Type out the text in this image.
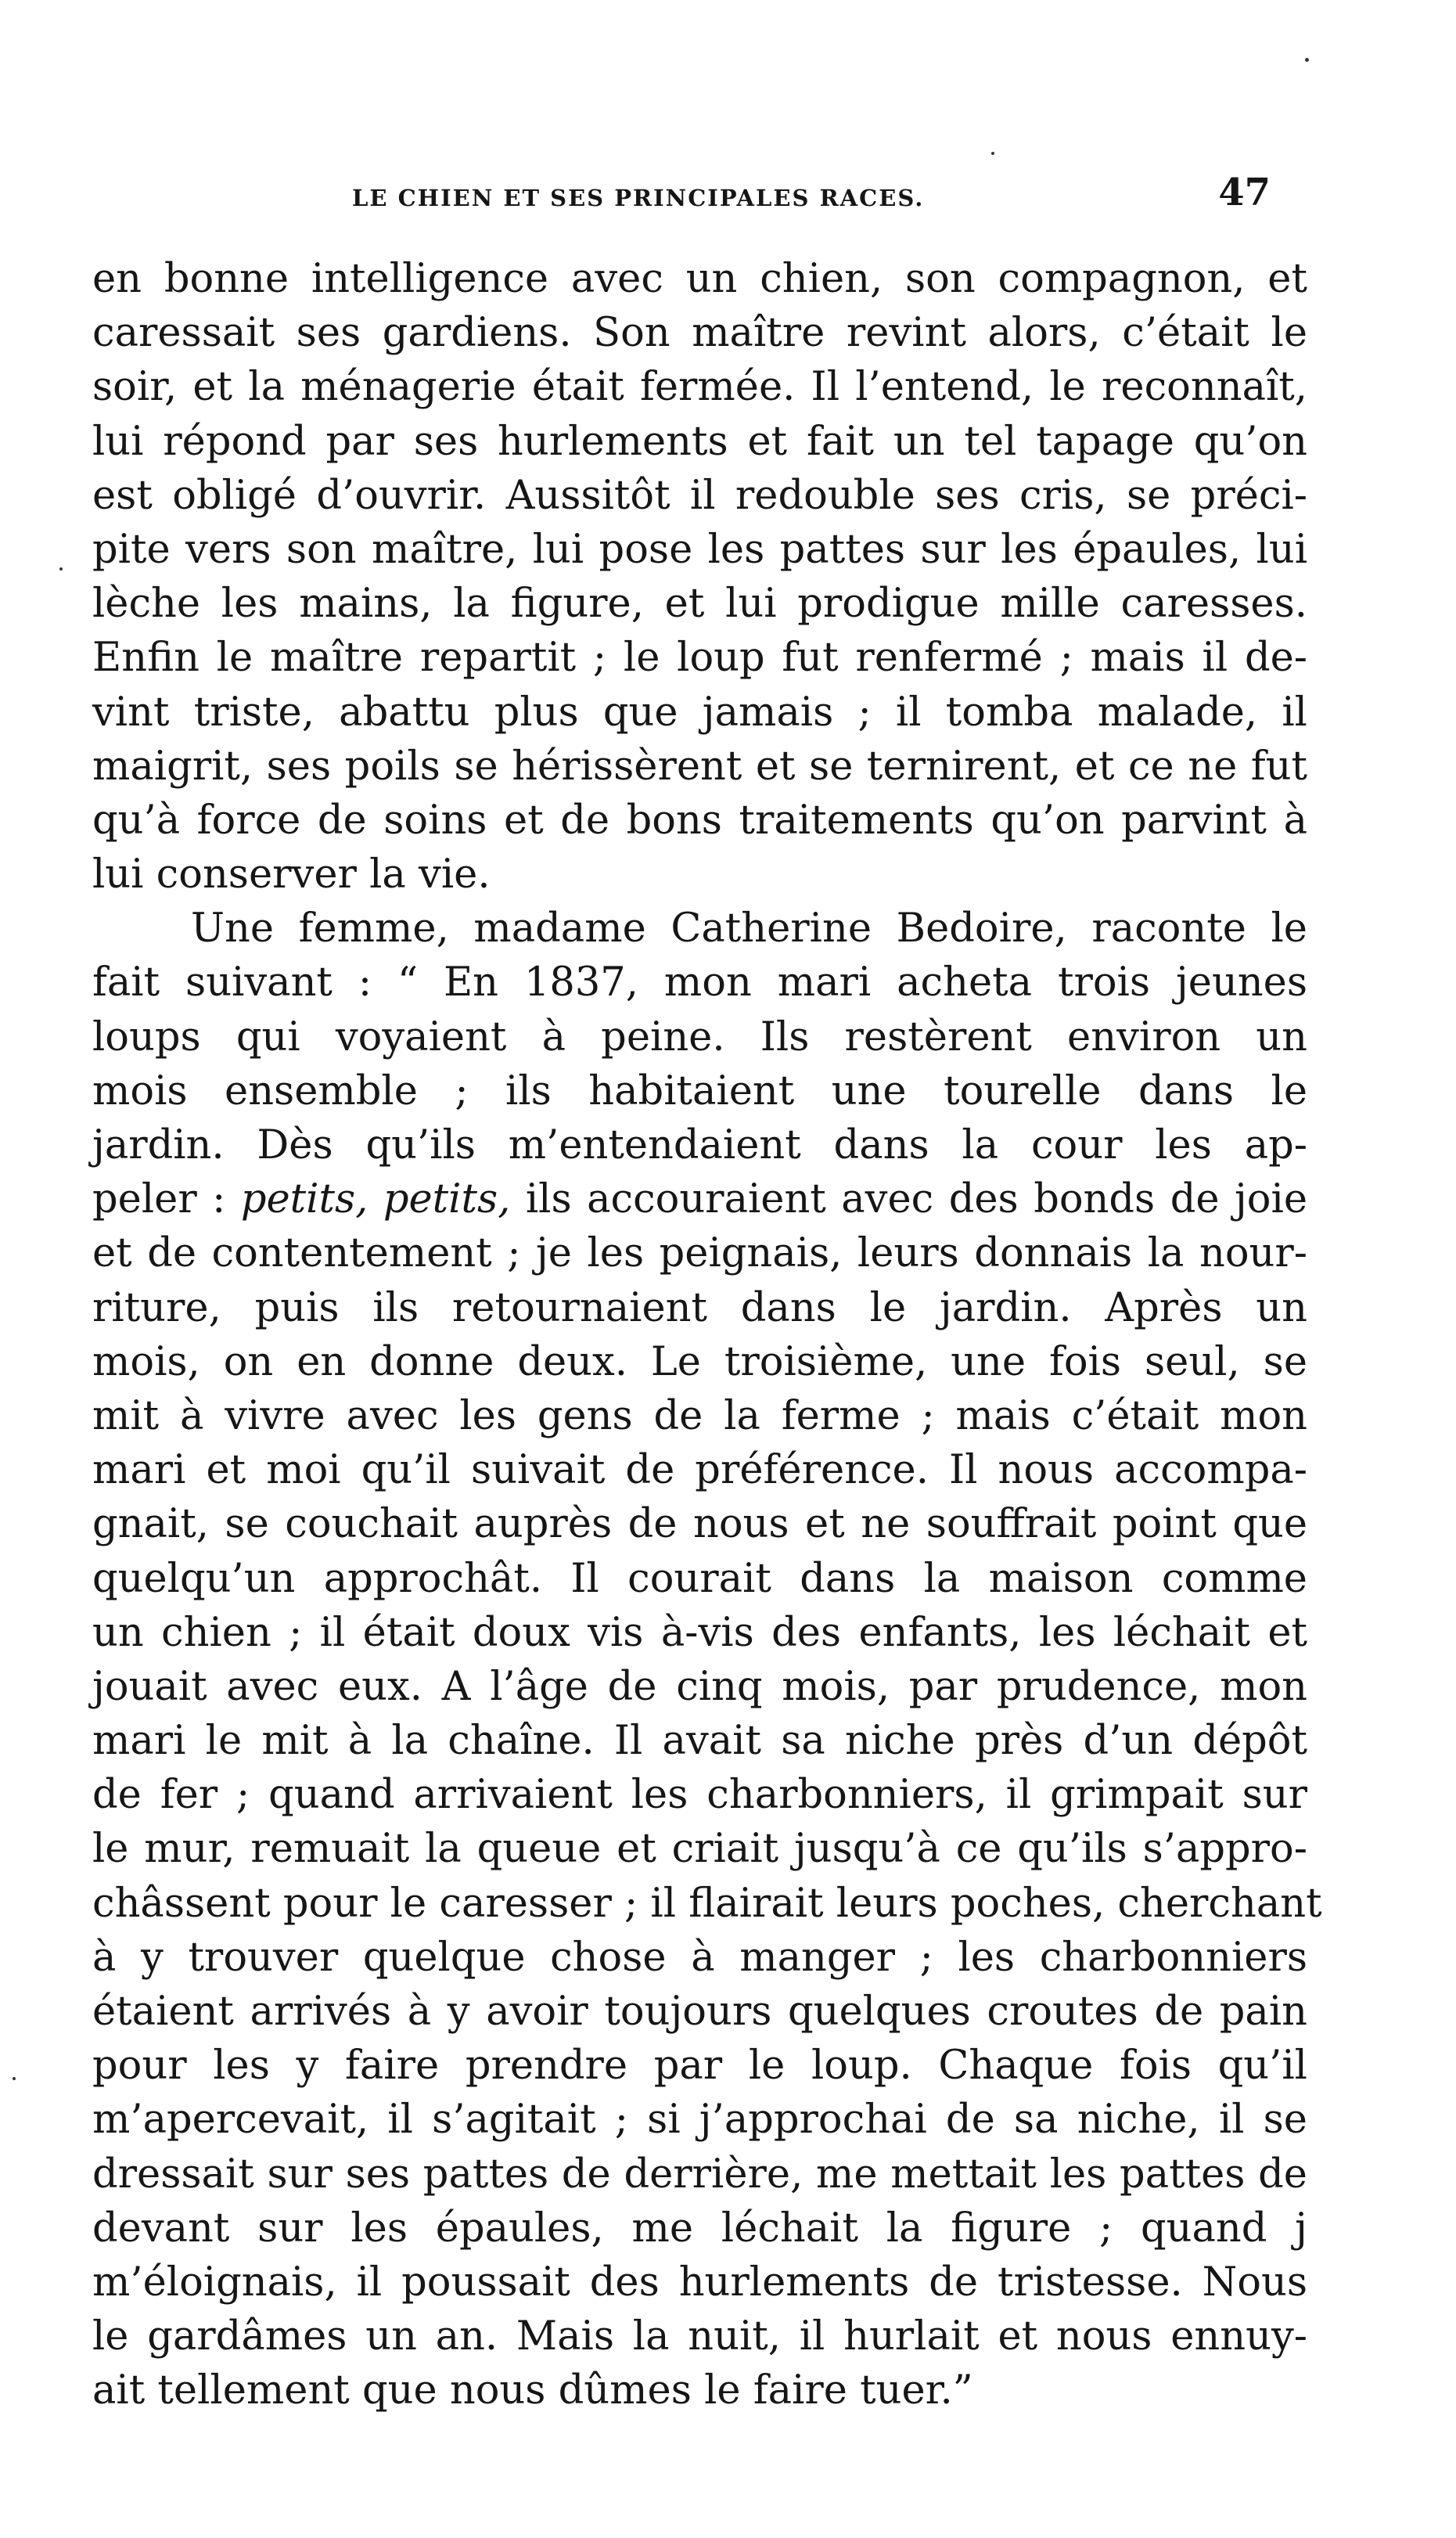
LE CHIEN ET SES PRINCIPALES RACES.	47
en bonne intelligence avec un chien, son compagnon, et
caressait ses gardiens. Son maître revint alors, c’était le
soir, et la ménagerie était fermée. Il l’entend, le reconnaît,
lui répond par ses hurlements et fait un tel tapage qu’on
est obligé d’ouvrir. Aussitôt il redouble ses cris, se préci-
pite vers son maître, lui pose les pattes sur les épaules, lui
lèche les mains, la figure, et lui prodigue mille caresses.
Enfin le maître repartit ; le loup fut renfermé ; mais il de-
vint triste, abattu plus que jamais ; il tomba malade, il
maigrit, ses poils se hérissèrent et se ternirent, et ce ne fut
qu’à force de soins et de bons traitements qu’on parvint à
lui conserver la vie.
Une femme, madame Catherine Bedoire, raconte le
fait suivant : “ En 1837, mon mari acheta trois jeunes
loups qui voyaient à peine. Ils restèrent environ un
mois ensemble ; ils habitaient une tourelle dans le
jardin. Dès qu’ils m’entendaient dans la cour les ap-
peler : petits, petits, ils accouraient avec des bonds de joie
et de contentement ; je les peignais, leurs donnais la nour-
riture, puis ils retournaient dans le jardin. Après un
mois, on en donne deux. Le troisième, une fois seul, se
mit à vivre avec les gens de la ferme ; mais c’était mon
mari et moi qu’il suivait de préférence. Il nous accompa-
gnait, se couchait auprès de nous et ne souffrait point que
quelqu’un approchât. Il courait dans la maison comme
un chien ; il était doux vis à-vis des enfants, les léchait et
jouait avec eux. A l’âge de cinq mois, par prudence, mon
mari le mit à la chaîne. Il avait sa niche près d’un dépôt
de fer ; quand arrivaient les charbonniers, il grimpait sur
le mur, remuait la queue et criait jusqu’à ce qu’ils s’appro-
châssent pour le caresser ; il flairait leurs poches, cherchant
à y trouver quelque chose à manger ; les charbonniers
étaient arrivés à y avoir toujours quelques croutes de pain
pour les y faire prendre par le loup. Chaque fois qu’il
m’apercevait, il s’agitait ; si j’approchai de sa niche, il se
dressait sur ses pattes de derrière, me mettait les pattes de
devant sur les épaules, me léchait la figure ; quand j
m’éloignais, il poussait des hurlements de tristesse. Nous
le gardâmes un an. Mais la nuit, il hurlait et nous ennuy-
ait tellement que nous dûmes le faire tuer.”
